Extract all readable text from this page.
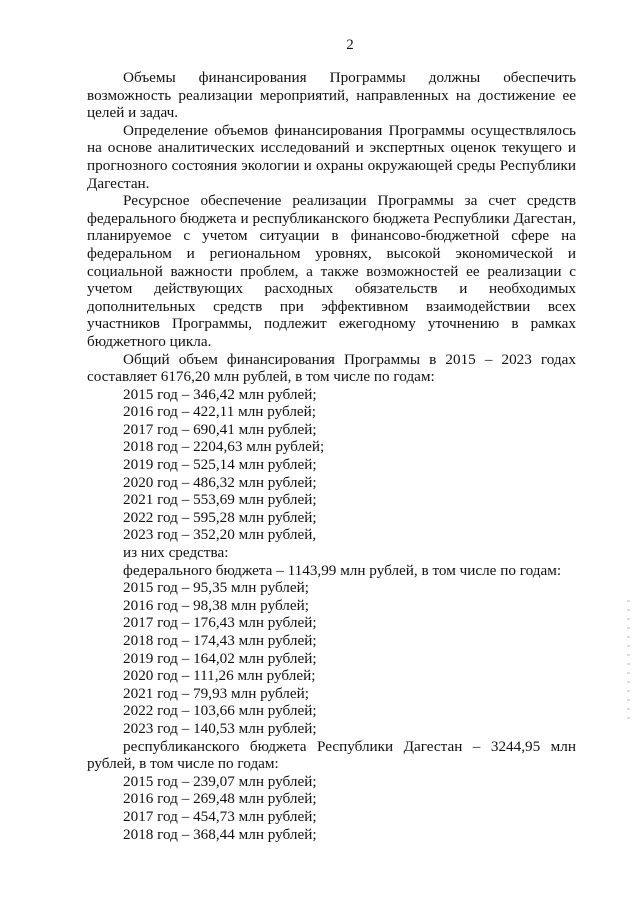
2

Объемы финансирования Программы должны обеспечить возможность реализации мероприятий, направленных на достижение ее целей и задач.

Определение объемов финансирования Программы осуществлялось на основе аналитических исследований и экспертных оценок текущего и прогнозного состояния экологии и охраны окружающей среды Республики Дагестан.

Ресурсное обеспечение реализации Программы за счет средств федерального бюджета и республиканского бюджета Республики Дагестан, планируемое с учетом ситуации в финансово-бюджетной сфере на федеральном и региональном уровнях, высокой экономической и социальной важности проблем, а также возможностей ее реализации с учетом действующих расходных обязательств и необходимых дополнительных средств при эффективном взаимодействии всех участников Программы, подлежит ежегодному уточнению в рамках бюджетного цикла.

Общий объем финансирования Программы в 2015 – 2023 годах составляет 6176,20 млн рублей, в том числе по годам:

2015 год – 346,42 млн рублей;
2016 год – 422,11 млн рублей;
2017 год – 690,41 млн рублей;
2018 год – 2204,63 млн рублей;
2019 год – 525,14 млн рублей;
2020 год – 486,32 млн рублей;
2021 год – 553,69 млн рублей;
2022 год – 595,28 млн рублей;
2023 год – 352,20 млн рублей,

из них средства:

федерального бюджета – 1143,99 млн рублей, в том числе по годам:

2015 год – 95,35 млн рублей;
2016 год – 98,38 млн рублей;
2017 год – 176,43 млн рублей;
2018 год – 174,43 млн рублей;
2019 год – 164,02 млн рублей;
2020 год – 111,26 млн рублей;
2021 год – 79,93 млн рублей;
2022 год – 103,66 млн рублей;
2023 год – 140,53 млн рублей;

республиканского бюджета Республики Дагестан – 3244,95 млн рублей, в том числе по годам:

2015 год – 239,07 млн рублей;
2016 год – 269,48 млн рублей;
2017 год – 454,73 млн рублей;
2018 год – 368,44 млн рублей;
